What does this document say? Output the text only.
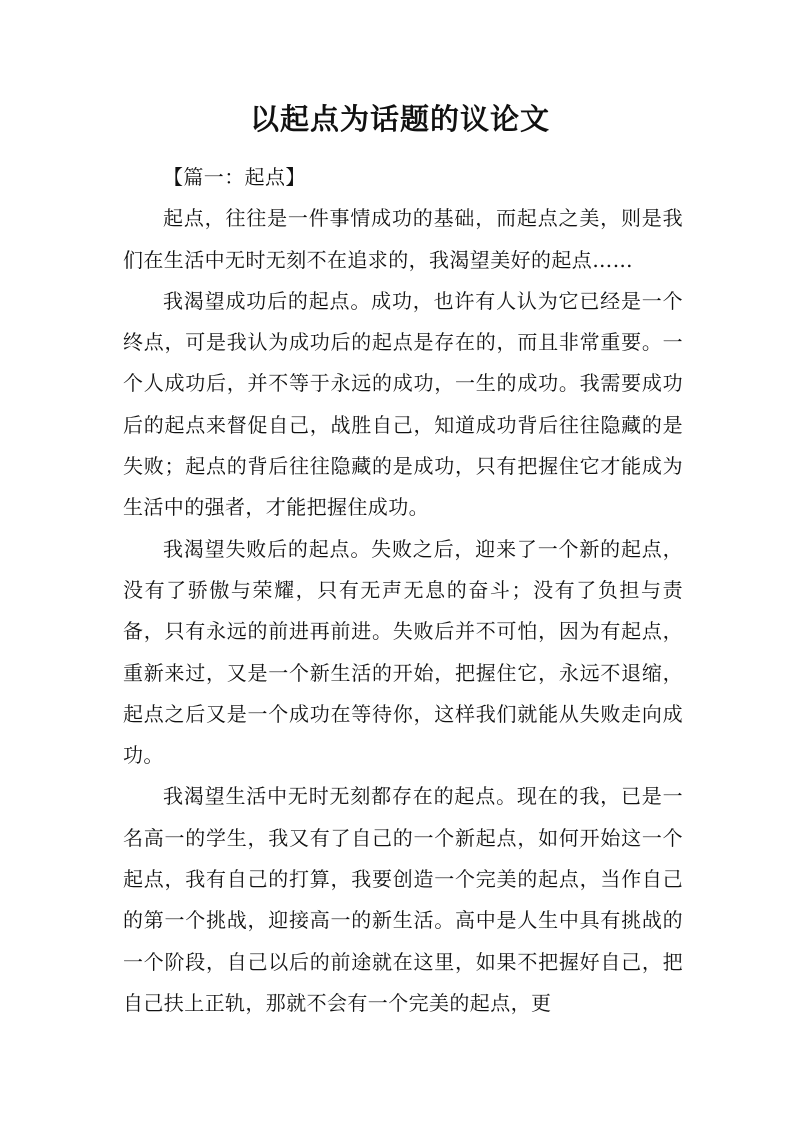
以起点为话题的议论文
【篇一：起点】

起点，往往是一件事情成功的基础，而起点之美，则是我们在生活中无时无刻不在追求的，我渴望美好的起点……

我渴望成功后的起点。成功，也许有人认为它已经是一个终点，可是我认为成功后的起点是存在的，而且非常重要。一个人成功后，并不等于永远的成功，一生的成功。我需要成功后的起点来督促自己，战胜自己，知道成功背后往往隐藏的是失败；起点的背后往往隐藏的是成功，只有把握住它才能成为生活中的强者，才能把握住成功。

我渴望失败后的起点。失败之后，迎来了一个新的起点，没有了骄傲与荣耀，只有无声无息的奋斗；没有了负担与责备，只有永远的前进再前进。失败后并不可怕，因为有起点，重新来过，又是一个新生活的开始，把握住它，永远不退缩，起点之后又是一个成功在等待你，这样我们就能从失败走向成功。

我渴望生活中无时无刻都存在的起点。现在的我，已是一名高一的学生，我又有了自己的一个新起点，如何开始这一个起点，我有自己的打算，我要创造一个完美的起点，当作自己的第一个挑战，迎接高一的新生活。高中是人生中具有挑战的一个阶段，自己以后的前途就在这里，如果不把握好自己，把自己扶上正轨，那就不会有一个完美的起点，更
